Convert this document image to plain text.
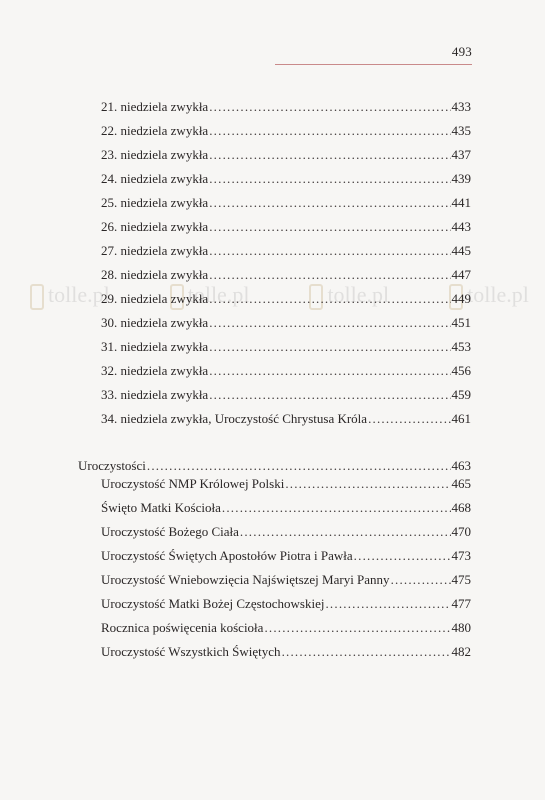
493
tolle.pl	tolle.pl	tolle.pl	tolle.pl
21. niedziela zwykła .....	433
22. niedziela zwykła .....	435
23. niedziela zwykła .....	437
24. niedziela zwykła .....	439
25. niedziela zwykła .....	441
26. niedziela zwykła .....	443
27. niedziela zwykła .....	445
28. niedziela zwykła .....	447
29. niedziela zwykła .....	449
30. niedziela zwykła .....	451
31. niedziela zwykła .....	453
32. niedziela zwykła .....	456
33. niedziela zwykła .....	459
34. niedziela zwykła, Uroczystość Chrystusa Króla .....	461
Uroczystości .....	463
Uroczystość NMP Królowej Polski .....	465
Święto Matki Kościoła .....	468
Uroczystość Bożego Ciała .....	470
Uroczystość Świętych Apostołów Piotra i Pawła .....	473
Uroczystość Wniebowzięcia Najświętszej Maryi Panny .....	475
Uroczystość Matki Bożej Częstochowskiej .....	477
Rocznica poświęcenia kościoła .....	480
Uroczystość Wszystkich Świętych .....	482
